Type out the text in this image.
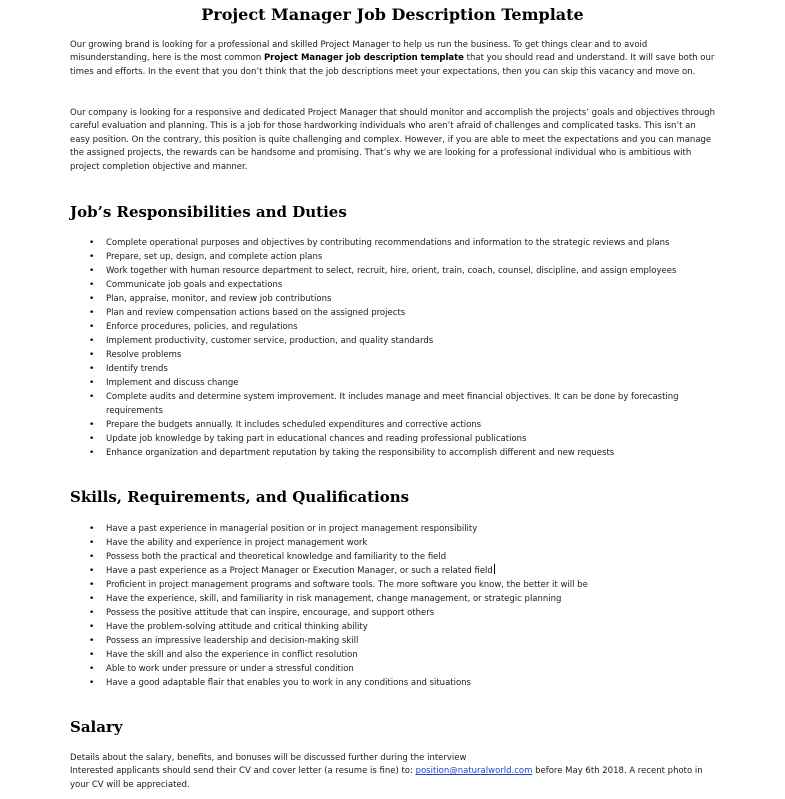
Project Manager Job Description Template

Our growing brand is looking for a professional and skilled Project Manager to help us run the business. To get things clear and to avoid misunderstanding, here is the most common Project Manager job description template that you should read and understand. It will save both our times and efforts. In the event that you don’t think that the job descriptions meet your expectations, then you can skip this vacancy and move on.

Our company is looking for a responsive and dedicated Project Manager that should monitor and accomplish the projects’ goals and objectives through careful evaluation and planning. This is a job for those hardworking individuals who aren’t afraid of challenges and complicated tasks. This isn’t an easy position. On the contrary, this position is quite challenging and complex. However, if you are able to meet the expectations and you can manage the assigned projects, the rewards can be handsome and promising. That’s why we are looking for a professional individual who is ambitious with project completion objective and manner.

Job’s Responsibilities and Duties
• Complete operational purposes and objectives by contributing recommendations and information to the strategic reviews and plans
• Prepare, set up, design, and complete action plans
• Work together with human resource department to select, recruit, hire, orient, train, coach, counsel, discipline, and assign employees
• Communicate job goals and expectations
• Plan, appraise, monitor, and review job contributions
• Plan and review compensation actions based on the assigned projects
• Enforce procedures, policies, and regulations
• Implement productivity, customer service, production, and quality standards
• Resolve problems
• Identify trends
• Implement and discuss change
• Complete audits and determine system improvement. It includes manage and meet financial objectives. It can be done by forecasting requirements
• Prepare the budgets annually. It includes scheduled expenditures and corrective actions
• Update job knowledge by taking part in educational chances and reading professional publications
• Enhance organization and department reputation by taking the responsibility to accomplish different and new requests
Skills, Requirements, and Qualifications
• Have a past experience in managerial position or in project management responsibility
• Have the ability and experience in project management work
• Possess both the practical and theoretical knowledge and familiarity to the field
• Have a past experience as a Project Manager or Execution Manager, or such a related field
• Proficient in project management programs and software tools. The more software you know, the better it will be
• Have the experience, skill, and familiarity in risk management, change management, or strategic planning
• Possess the positive attitude that can inspire, encourage, and support others
• Have the problem-solving attitude and critical thinking ability
• Possess an impressive leadership and decision-making skill
• Have the skill and also the experience in conflict resolution
• Able to work under pressure or under a stressful condition
• Have a good adaptable flair that enables you to work in any conditions and situations
Salary

Details about the salary, benefits, and bonuses will be discussed further during the interview
Interested applicants should send their CV and cover letter (a resume is fine) to: position@naturalworld.com before May 6th 2018. A recent photo in your CV will be appreciated.
